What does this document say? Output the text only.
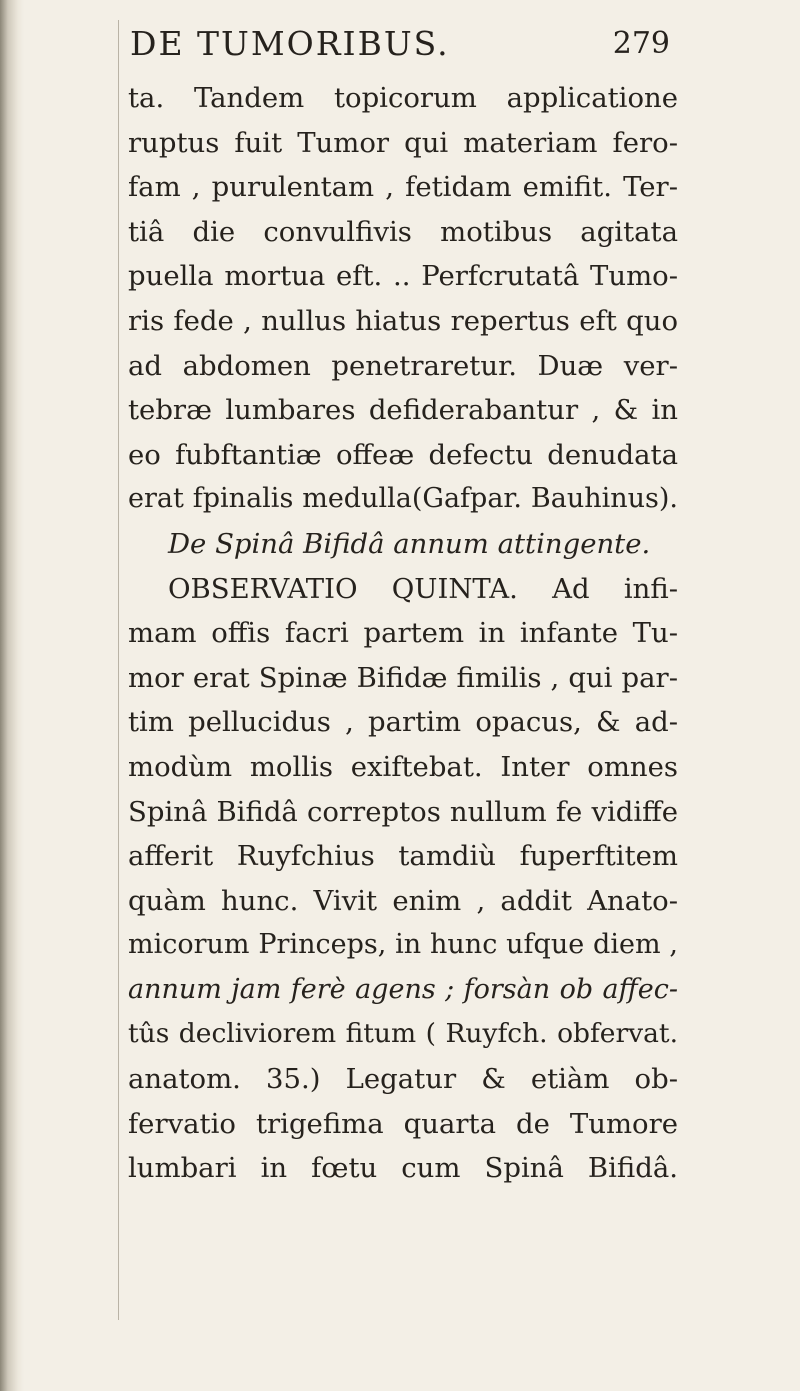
DE TUMORIBUS.	279
ta. Tandem topicorum applicatione
ruptus fuit Tumor qui materiam fero-
fam , purulentam , fetidam emifit. Ter-
tiâ die convulfivis motibus agitata
puella mortua eft. .. Perfcrutatâ Tumo-
ris fede , nullus hiatus repertus eft quo
ad abdomen penetraretur. Duæ ver-
tebræ lumbares defiderabantur , & in
eo fubftantiæ offeæ defectu denudata
erat fpinalis medulla(Gafpar. Bauhinus).
De Spinâ Bifidâ annum attingente.
OBSERVATIO QUINTA. Ad infi-
mam offis facri partem in infante Tu-
mor erat Spinæ Bifidæ fimilis , qui par-
tim pellucidus , partim opacus, & ad-
modùm mollis exiftebat. Inter omnes
Spinâ Bifidâ correptos nullum fe vidiffe
afferit Ruyfchius tamdiù fuperftitem
quàm hunc. Vivit enim , addit Anato-
micorum Princeps, in hunc ufque diem ,
annum jam ferè agens ; forsàn ob affec-
tûs decliviorem fitum ( Ruyfch. obfervat.
anatom. 35.) Legatur & etiàm ob-
fervatio trigefima quarta de Tumore
lumbari in fœtu cum Spinâ Bifidâ.
